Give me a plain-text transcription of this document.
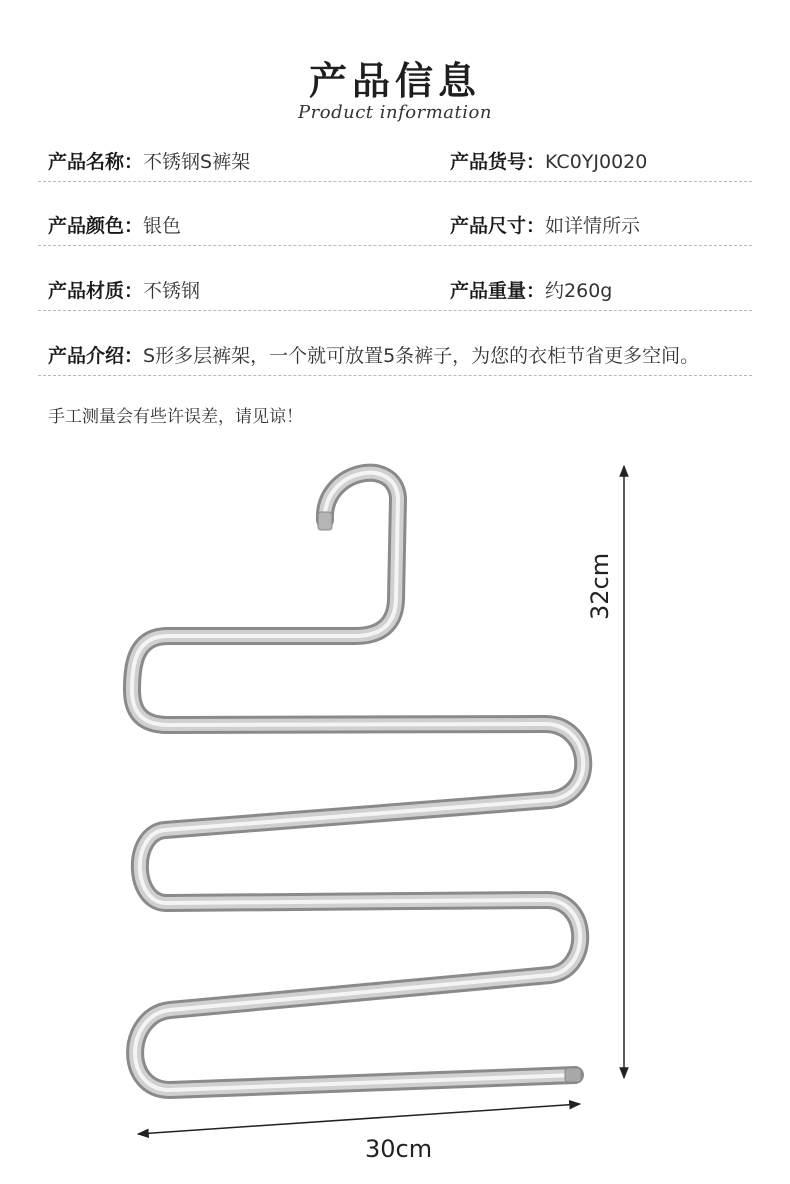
产品信息
Product information
产品名称：不锈钢S裤架	产品货号：KC0YJ0020
产品颜色：银色	产品尺寸：如详情所示
产品材质：不锈钢	产品重量：约260g
产品介绍：S形多层裤架，一个就可放置5条裤子，为您的衣柜节省更多空间。
手工测量会有些许误差，请见谅！
30cm
32cm
